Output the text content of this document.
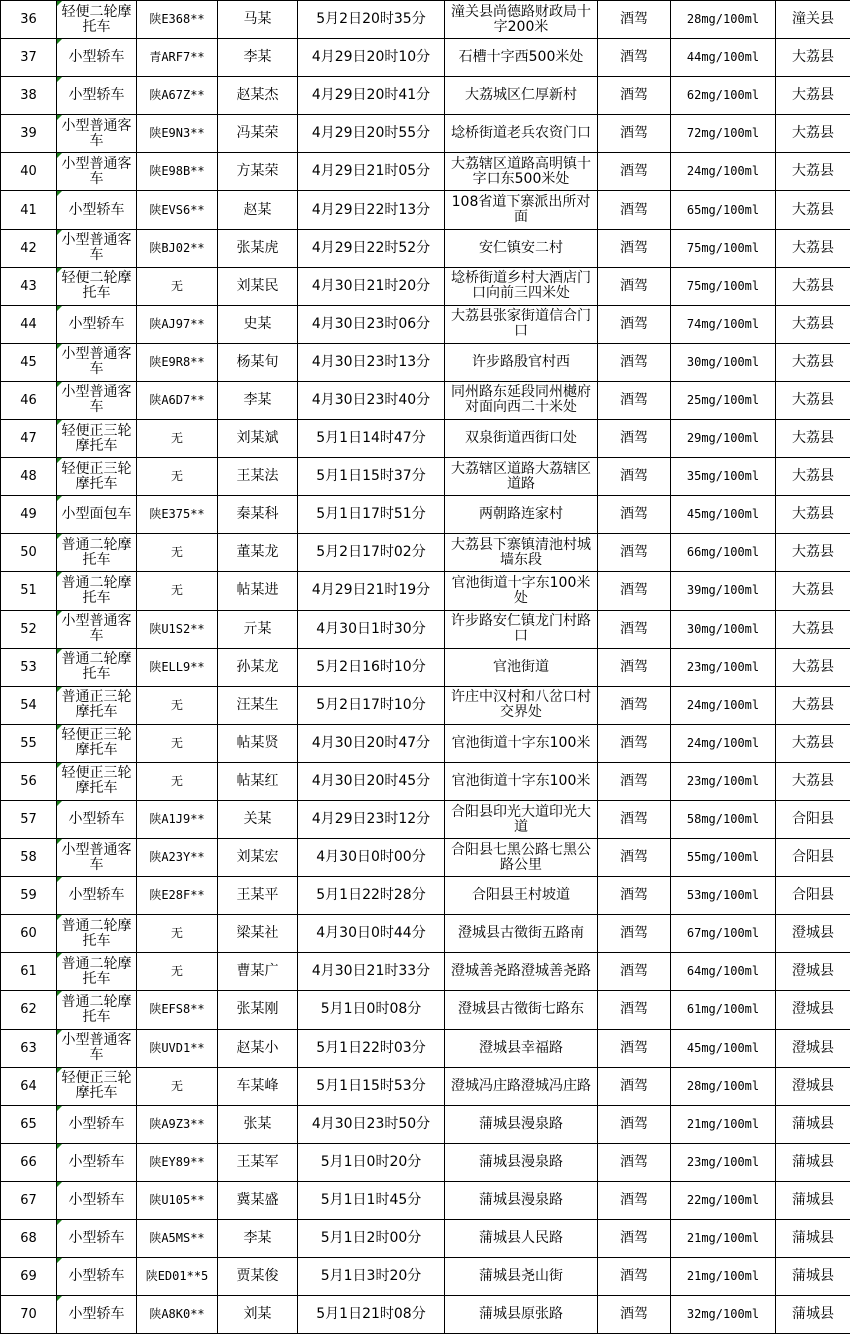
36	轻便二轮摩托车	陕E368**	马某	5月2日20时35分	潼关县尚德路财政局十字200米	酒驾	28mg/100ml	潼关县
37	小型轿车	青ARF7**	李某	4月29日20时10分	石槽十字西500米处	酒驾	44mg/100ml	大荔县
38	小型轿车	陕A67Z**	赵某杰	4月29日20时41分	大荔城区仁厚新村	酒驾	62mg/100ml	大荔县
39	小型普通客车	陕E9N3**	冯某荣	4月29日20时55分	埝桥街道老兵农资门口	酒驾	72mg/100ml	大荔县
40	小型普通客车	陕E98B**	方某荣	4月29日21时05分	大荔辖区道路高明镇十字口东500米处	酒驾	24mg/100ml	大荔县
41	小型轿车	陕EVS6**	赵某	4月29日22时13分	108省道下寨派出所对面	酒驾	65mg/100ml	大荔县
42	小型普通客车	陕BJ02**	张某虎	4月29日22时52分	安仁镇安二村	酒驾	75mg/100ml	大荔县
43	轻便二轮摩托车	无	刘某民	4月30日21时20分	埝桥街道乡村大酒店门口向前三四米处	酒驾	75mg/100ml	大荔县
44	小型轿车	陕AJ97**	史某	4月30日23时06分	大荔县张家街道信合门口	酒驾	74mg/100ml	大荔县
45	小型普通客车	陕E9R8**	杨某旬	4月30日23时13分	许步路殷官村西	酒驾	30mg/100ml	大荔县
46	小型普通客车	陕A6D7**	李某	4月30日23时40分	同州路东延段同州樾府对面向西二十米处	酒驾	25mg/100ml	大荔县
47	轻便正三轮摩托车	无	刘某斌	5月1日14时47分	双泉街道西街口处	酒驾	29mg/100ml	大荔县
48	轻便正三轮摩托车	无	王某法	5月1日15时37分	大荔辖区道路大荔辖区道路	酒驾	35mg/100ml	大荔县
49	小型面包车	陕E375**	秦某科	5月1日17时51分	两朝路连家村	酒驾	45mg/100ml	大荔县
50	普通二轮摩托车	无	董某龙	5月2日17时02分	大荔县下寨镇清池村城墙东段	酒驾	66mg/100ml	大荔县
51	普通二轮摩托车	无	帖某进	4月29日21时19分	官池街道十字东100米处	酒驾	39mg/100ml	大荔县
52	小型普通客车	陕U1S2**	亓某	4月30日1时30分	许步路安仁镇龙门村路口	酒驾	30mg/100ml	大荔县
53	普通二轮摩托车	陕ELL9**	孙某龙	5月2日16时10分	官池街道	酒驾	23mg/100ml	大荔县
54	普通正三轮摩托车	无	汪某生	5月2日17时10分	许庄中汉村和八岔口村交界处	酒驾	24mg/100ml	大荔县
55	轻便正三轮摩托车	无	帖某贤	4月30日20时47分	官池街道十字东100米	酒驾	24mg/100ml	大荔县
56	轻便正三轮摩托车	无	帖某红	4月30日20时45分	官池街道十字东100米	酒驾	23mg/100ml	大荔县
57	小型轿车	陕A1J9**	关某	4月29日23时12分	合阳县印光大道印光大道	酒驾	58mg/100ml	合阳县
58	小型普通客车	陕A23Y**	刘某宏	4月30日0时00分	合阳县七黑公路七黑公路公里	酒驾	55mg/100ml	合阳县
59	小型轿车	陕E28F**	王某平	5月1日22时28分	合阳县王村坡道	酒驾	53mg/100ml	合阳县
60	普通二轮摩托车	无	梁某社	4月30日0时44分	澄城县古徵街五路南	酒驾	67mg/100ml	澄城县
61	普通二轮摩托车	无	曹某广	4月30日21时33分	澄城善尧路澄城善尧路	酒驾	64mg/100ml	澄城县
62	普通二轮摩托车	陕EFS8**	张某刚	5月1日0时08分	澄城县古徵街七路东	酒驾	61mg/100ml	澄城县
63	小型普通客车	陕UVD1**	赵某小	5月1日22时03分	澄城县幸福路	酒驾	45mg/100ml	澄城县
64	轻便正三轮摩托车	无	车某峰	5月1日15时53分	澄城冯庄路澄城冯庄路	酒驾	28mg/100ml	澄城县
65	小型轿车	陕A9Z3**	张某	4月30日23时50分	蒲城县漫泉路	酒驾	21mg/100ml	蒲城县
66	小型轿车	陕EY89**	王某军	5月1日0时20分	蒲城县漫泉路	酒驾	23mg/100ml	蒲城县
67	小型轿车	陕U105**	冀某盛	5月1日1时45分	蒲城县漫泉路	酒驾	22mg/100ml	蒲城县
68	小型轿车	陕A5MS**	李某	5月1日2时00分	蒲城县人民路	酒驾	21mg/100ml	蒲城县
69	小型轿车	陕ED01**5	贾某俊	5月1日3时20分	蒲城县尧山街	酒驾	21mg/100ml	蒲城县
70	小型轿车	陕A8K0**	刘某	5月1日21时08分	蒲城县原张路	酒驾	32mg/100ml	蒲城县
